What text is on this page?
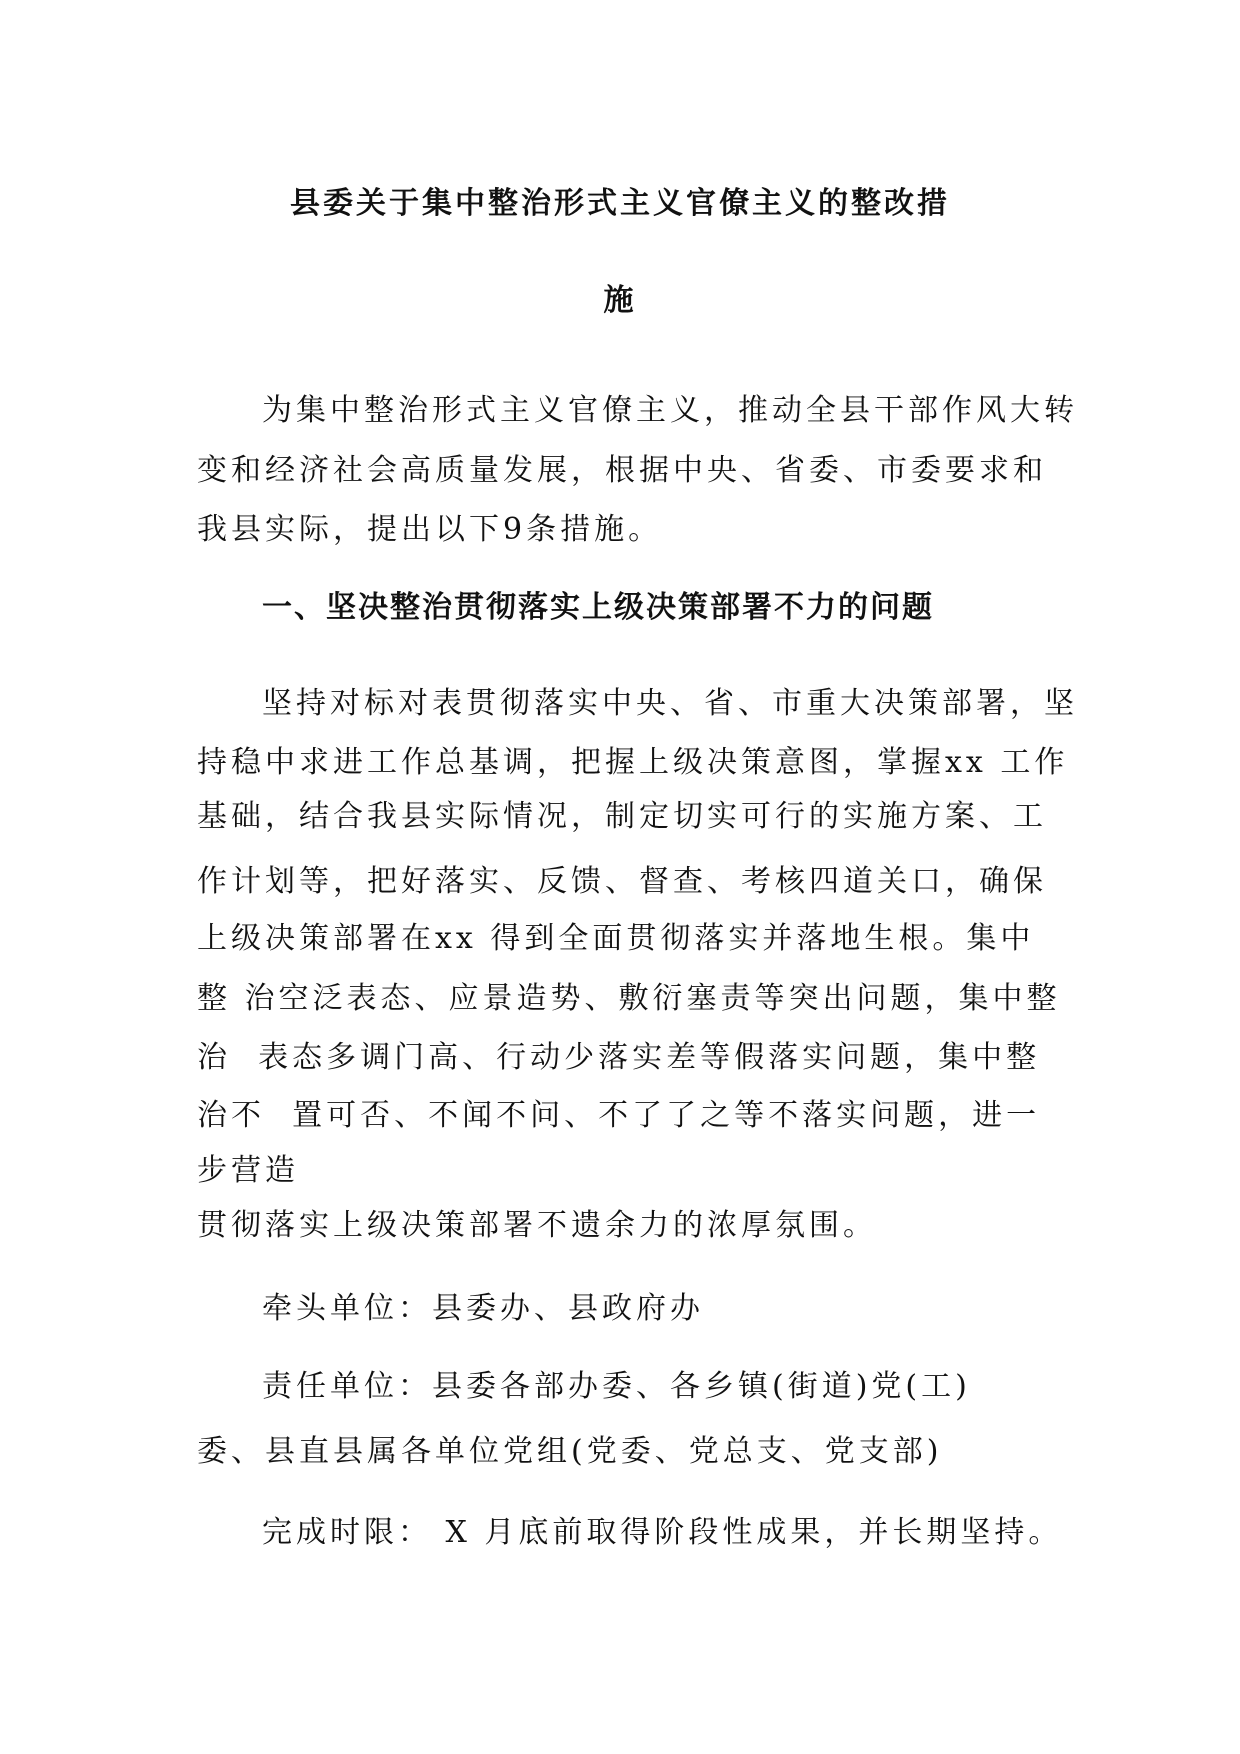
县委关于集中整治形式主义官僚主义的整改措
施
为集中整治形式主义官僚主义，推动全县干部作风大转
变和经济社会高质量发展，根据中央、省委、市委要求和
我县实际，提出以下9条措施。
一、坚决整治贯彻落实上级决策部署不力的问题
坚持对标对表贯彻落实中央、省、市重大决策部署，坚
持稳中求进工作总基调，把握上级决策意图，掌握xx 工作
基础，结合我县实际情况，制定切实可行的实施方案、工
作计划等，把好落实、反馈、督查、考核四道关口，确保
上级决策部署在xx 得到全面贯彻落实并落地生根。集中
整 治空泛表态、应景造势、敷衍塞责等突出问题，集中整
治  表态多调门高、行动少落实差等假落实问题，集中整
治不  置可否、不闻不问、不了了之等不落实问题，进一
步营造
贯彻落实上级决策部署不遗余力的浓厚氛围。
牵头单位：县委办、县政府办
责任单位：县委各部办委、各乡镇(街道)党(工)
委、县直县属各单位党组(党委、党总支、党支部)
完成时限： X 月底前取得阶段性成果，并长期坚持。
